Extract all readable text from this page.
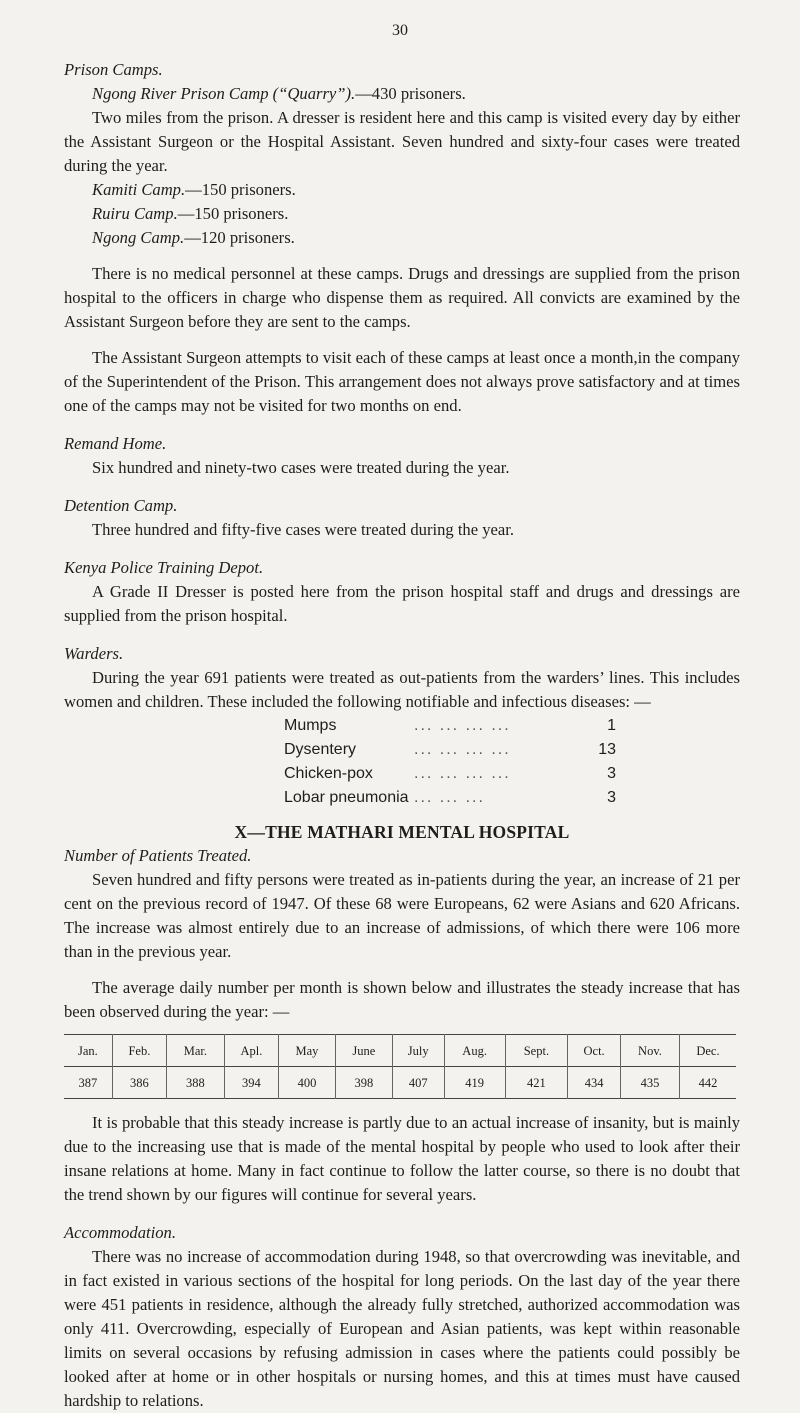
30

Prison Camps.

Ngong River Prison Camp (“Quarry”).—430 prisoners.

Two miles from the prison. A dresser is resident here and this camp is visited every day by either the Assistant Surgeon or the Hospital Assistant. Seven hundred and sixty-four cases were treated during the year.

Kamiti Camp.—150 prisoners.

Ruiru Camp.—150 prisoners.

Ngong Camp.—120 prisoners.

There is no medical personnel at these camps. Drugs and dressings are supplied from the prison hospital to the officers in charge who dispense them as required. All convicts are examined by the Assistant Surgeon before they are sent to the camps.

The Assistant Surgeon attempts to visit each of these camps at least once a month,in the company of the Superintendent of the Prison. This arrangement does not always prove satisfactory and at times one of the camps may not be visited for two months on end.

Remand Home.

Six hundred and ninety-two cases were treated during the year.

Detention Camp.

Three hundred and fifty-five cases were treated during the year.

Kenya Police Training Depot.

A Grade II Dresser is posted here from the prison hospital staff and drugs and dressings are supplied from the prison hospital.

Warders.

During the year 691 patients were treated as out-patients from the warders’ lines. This includes women and children. These included the following notifiable and infectious diseases: —

Mumps	... ... ... ...	1
Dysentery	... ... ... ...	13
Chicken-pox	... ... ... ...	3
Lobar pneumonia ... ... ...	3

X—THE MATHARI MENTAL HOSPITAL

Number of Patients Treated.

Seven hundred and fifty persons were treated as in-patients during the year, an increase of 21 per cent on the previous record of 1947. Of these 68 were Europeans, 62 were Asians and 620 Africans. The increase was almost entirely due to an increase of admissions, of which there were 106 more than in the previous year.

The average daily number per month is shown below and illustrates the steady increase that has been observed during the year: —

Jan.	Feb.	Mar.	Apl.	May	June	July	Aug.	Sept.	Oct.	Nov.	Dec.
387	386	388	394	400	398	407	419	421	434	435	442

It is probable that this steady increase is partly due to an actual increase of insanity, but is mainly due to the increasing use that is made of the mental hospital by people who used to look after their insane relations at home. Many in fact continue to follow the latter course, so there is no doubt that the trend shown by our figures will continue for several years.

Accommodation.

There was no increase of accommodation during 1948, so that overcrowding was inevitable, and in fact existed in various sections of the hospital for long periods. On the last day of the year there were 451 patients in residence, although the already fully stretched, authorized accommodation was only 411. Overcrowding, especially of European and Asian patients, was kept within reasonable limits on several occasions by refusing admission in cases where the patients could possibly be looked after at home or in other hospitals or nursing homes, and this at times must have caused hardship to relations.
